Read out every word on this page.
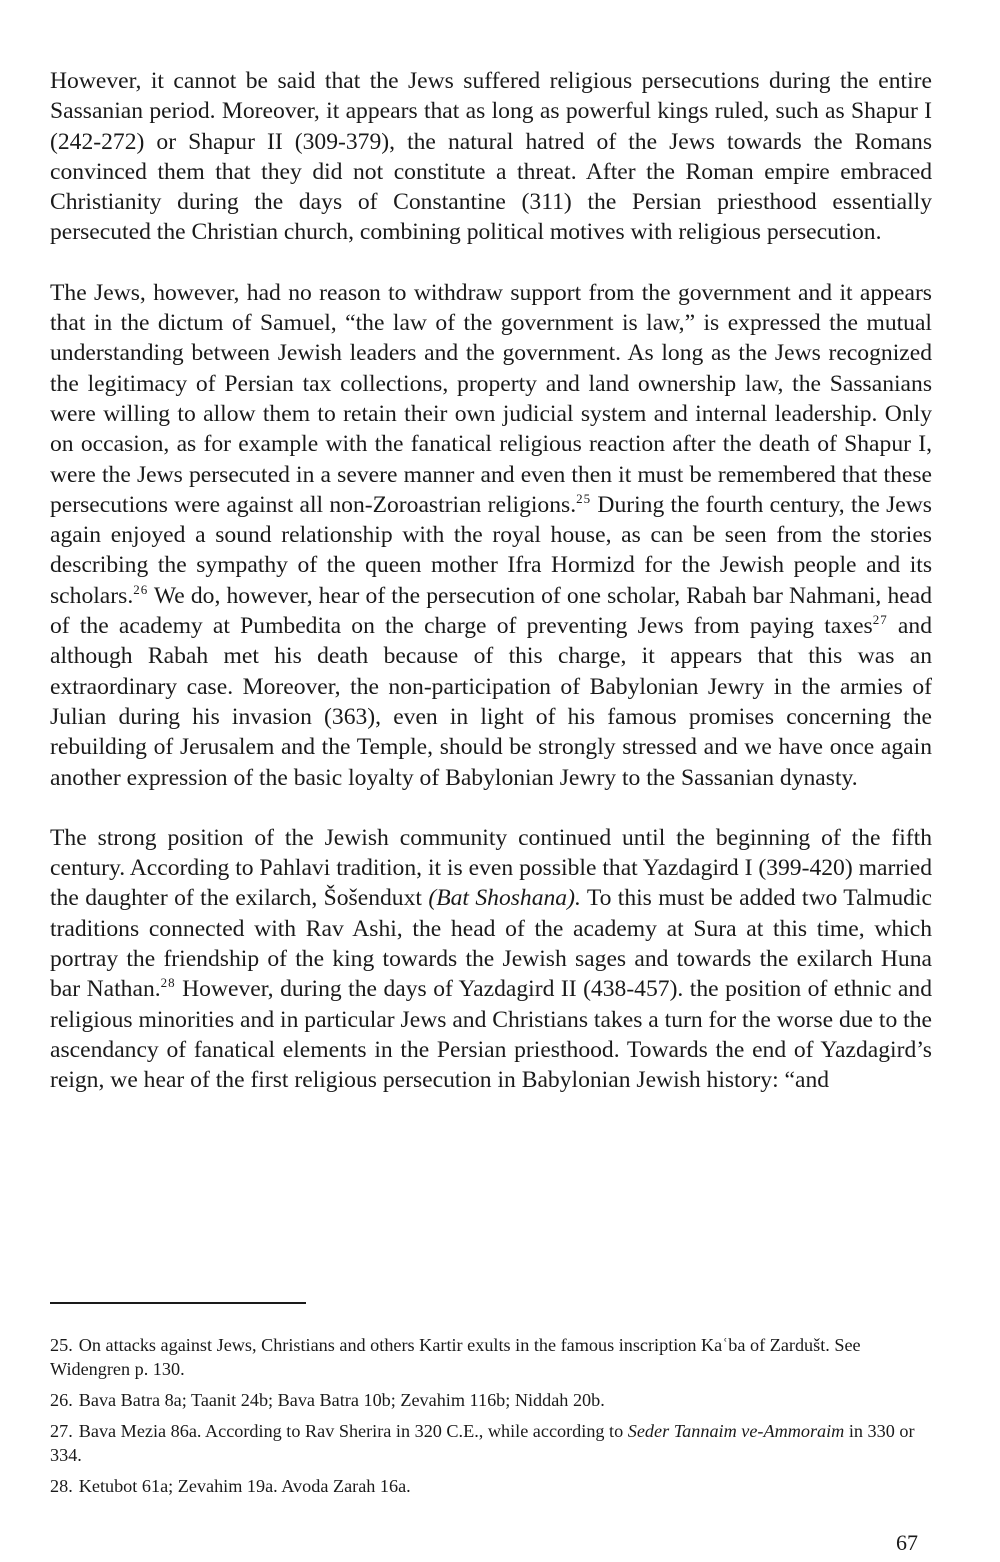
However, it cannot be said that the Jews suffered religious persecutions during the entire Sassanian period. Moreover, it appears that as long as powerful kings ruled, such as Shapur I (242-272) or Shapur II (309-379), the natural hatred of the Jews towards the Romans convinced them that they did not constitute a threat. After the Roman empire embraced Christianity during the days of Constantine (311) the Persian priesthood essentially persecuted the Christian church, combining political motives with religious persecution.

The Jews, however, had no reason to withdraw support from the government and it appears that in the dictum of Samuel, “the law of the government is law,” is expressed the mutual understanding between Jewish leaders and the government. As long as the Jews recognized the legitimacy of Persian tax collections, property and land ownership law, the Sassanians were willing to allow them to retain their own judicial system and internal leadership. Only on occasion, as for example with the fanatical religious reaction after the death of Shapur I, were the Jews persecuted in a severe manner and even then it must be remembered that these persecutions were against all non-Zoroastrian religions.$^{25}$ During the fourth century, the Jews again enjoyed a sound relationship with the royal house, as can be seen from the stories describing the sympathy of the queen mother Ifra Hormizd for the Jewish people and its scholars.$^{26}$ We do, however, hear of the persecution of one scholar, Rabah bar Nahmani, head of the academy at Pumbedita on the charge of preventing Jews from paying taxes$^{27}$ and although Rabah met his death because of this charge, it appears that this was an extraordinary case. Moreover, the non-participation of Babylonian Jewry in the armies of Julian during his invasion (363), even in light of his famous promises concerning the rebuilding of Jerusalem and the Temple, should be strongly stressed and we have once again another expression of the basic loyalty of Babylonian Jewry to the Sassanian dynasty.

The strong position of the Jewish community continued until the beginning of the fifth century. According to Pahlavi tradition, it is even possible that Yazdagird I (399-420) married the daughter of the exilarch, Šošenduxt (Bat Shoshana). To this must be added two Talmudic traditions connected with Rav Ashi, the head of the academy at Sura at this time, which portray the friendship of the king towards the Jewish sages and towards the exilarch Huna bar Nathan.$^{28}$ However, during the days of Yazdagird II (438-457). the position of ethnic and religious minorities and in particular Jews and Christians takes a turn for the worse due to the ascendancy of fanatical elements in the Persian priesthood. Towards the end of Yazdagird’s reign, we hear of the first religious persecution in Babylonian Jewish history: “and

25. On attacks against Jews, Christians and others Kartir exults in the famous inscription Kaʿba of Zardušt. See Widengren p. 130.
26. Bava Batra 8a; Taanit 24b; Bava Batra 10b; Zevahim 116b; Niddah 20b.
27. Bava Mezia 86a. According to Rav Sherira in 320 C.E., while according to Seder Tannaim ve-Ammoraim in 330 or 334.
28. Ketubot 61a; Zevahim 19a. Avoda Zarah 16a.
67
